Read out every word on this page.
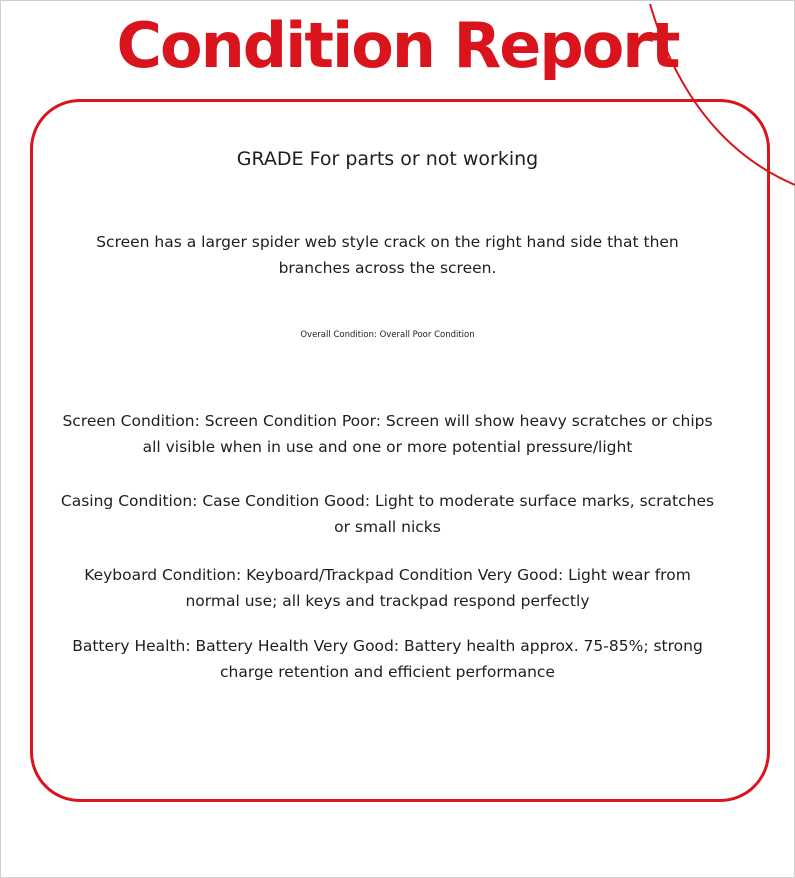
Condition Report
GRADE For parts or not working
Screen has a larger spider web style crack on the right hand side that then branches across the screen.
Overall Condition: Overall Poor Condition
Screen Condition: Screen Condition Poor: Screen will show heavy scratches or chips all visible when in use and one or more potential pressure/light
Casing Condition: Case Condition Good: Light to moderate surface marks, scratches or small nicks
Keyboard Condition: Keyboard/Trackpad Condition Very Good: Light wear from normal use; all keys and trackpad respond perfectly
Battery Health: Battery Health Very Good: Battery health approx. 75-85%; strong charge retention and efficient performance
